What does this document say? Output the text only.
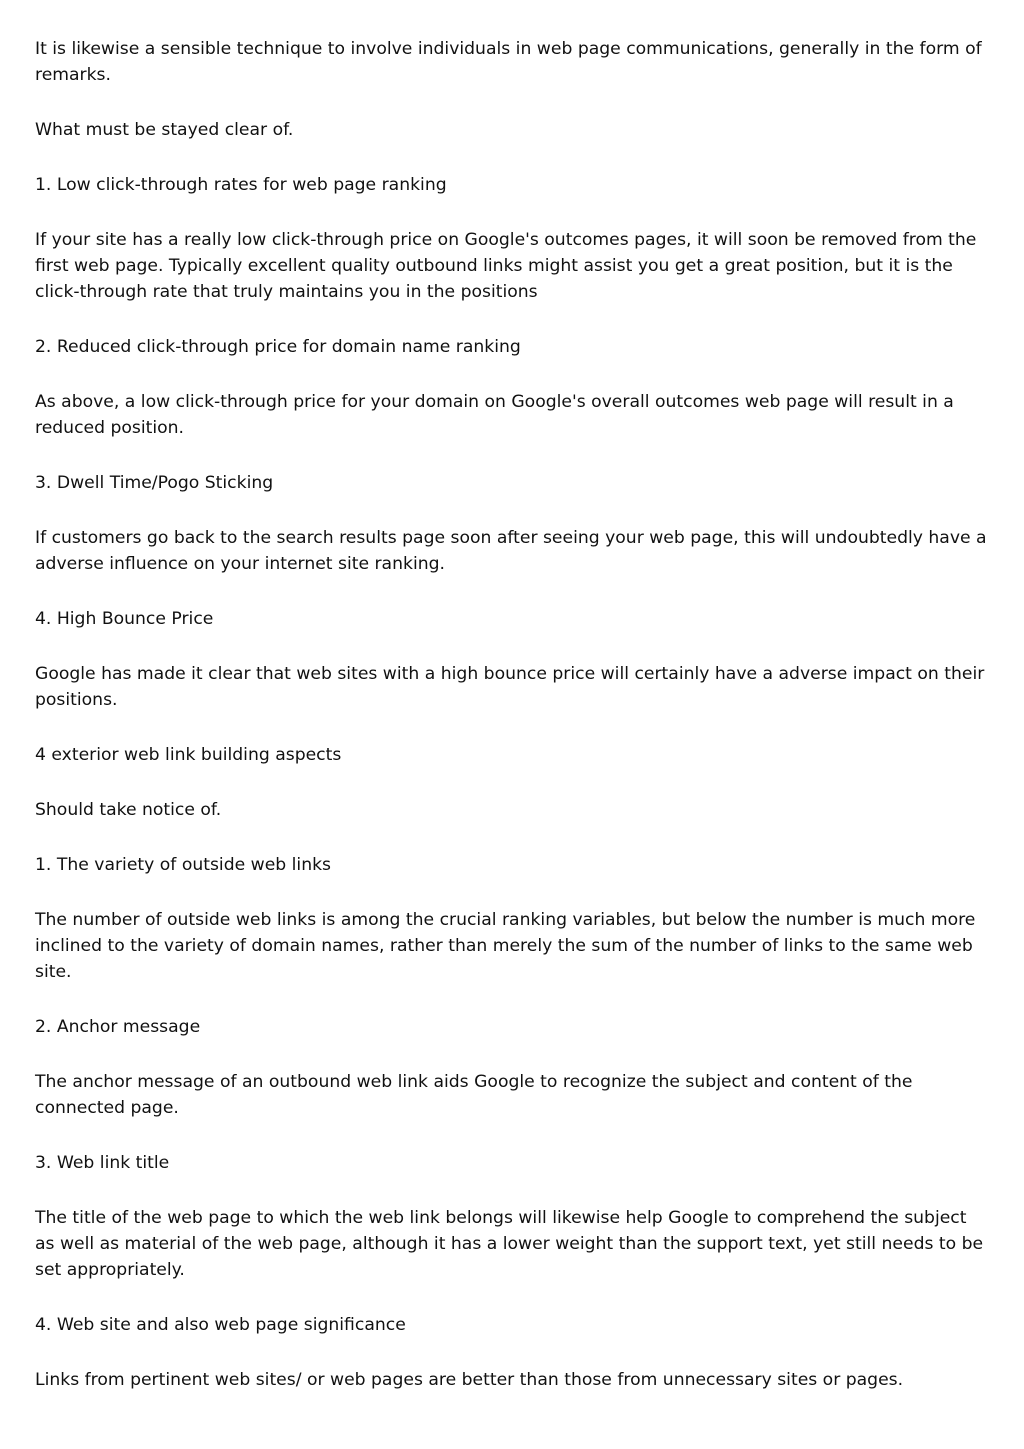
It is likewise a sensible technique to involve individuals in web page communications, generally in the form of remarks.

What must be stayed clear of.

1. Low click-through rates for web page ranking

If your site has a really low click-through price on Google's outcomes pages, it will soon be removed from the first web page. Typically excellent quality outbound links might assist you get a great position, but it is the click-through rate that truly maintains you in the positions

2. Reduced click-through price for domain name ranking

As above, a low click-through price for your domain on Google's overall outcomes web page will result in a reduced position.

3. Dwell Time/Pogo Sticking

If customers go back to the search results page soon after seeing your web page, this will undoubtedly have a adverse influence on your internet site ranking.

4. High Bounce Price

Google has made it clear that web sites with a high bounce price will certainly have a adverse impact on their positions.

4 exterior web link building aspects

Should take notice of.

1. The variety of outside web links

The number of outside web links is among the crucial ranking variables, but below the number is much more inclined to the variety of domain names, rather than merely the sum of the number of links to the same web site.

2. Anchor message

The anchor message of an outbound web link aids Google to recognize the subject and content of the connected page.

3. Web link title

The title of the web page to which the web link belongs will likewise help Google to comprehend the subject as well as material of the web page, although it has a lower weight than the support text, yet still needs to be set appropriately.

4. Web site and also web page significance

Links from pertinent web sites/ or web pages are better than those from unnecessary sites or pages.
